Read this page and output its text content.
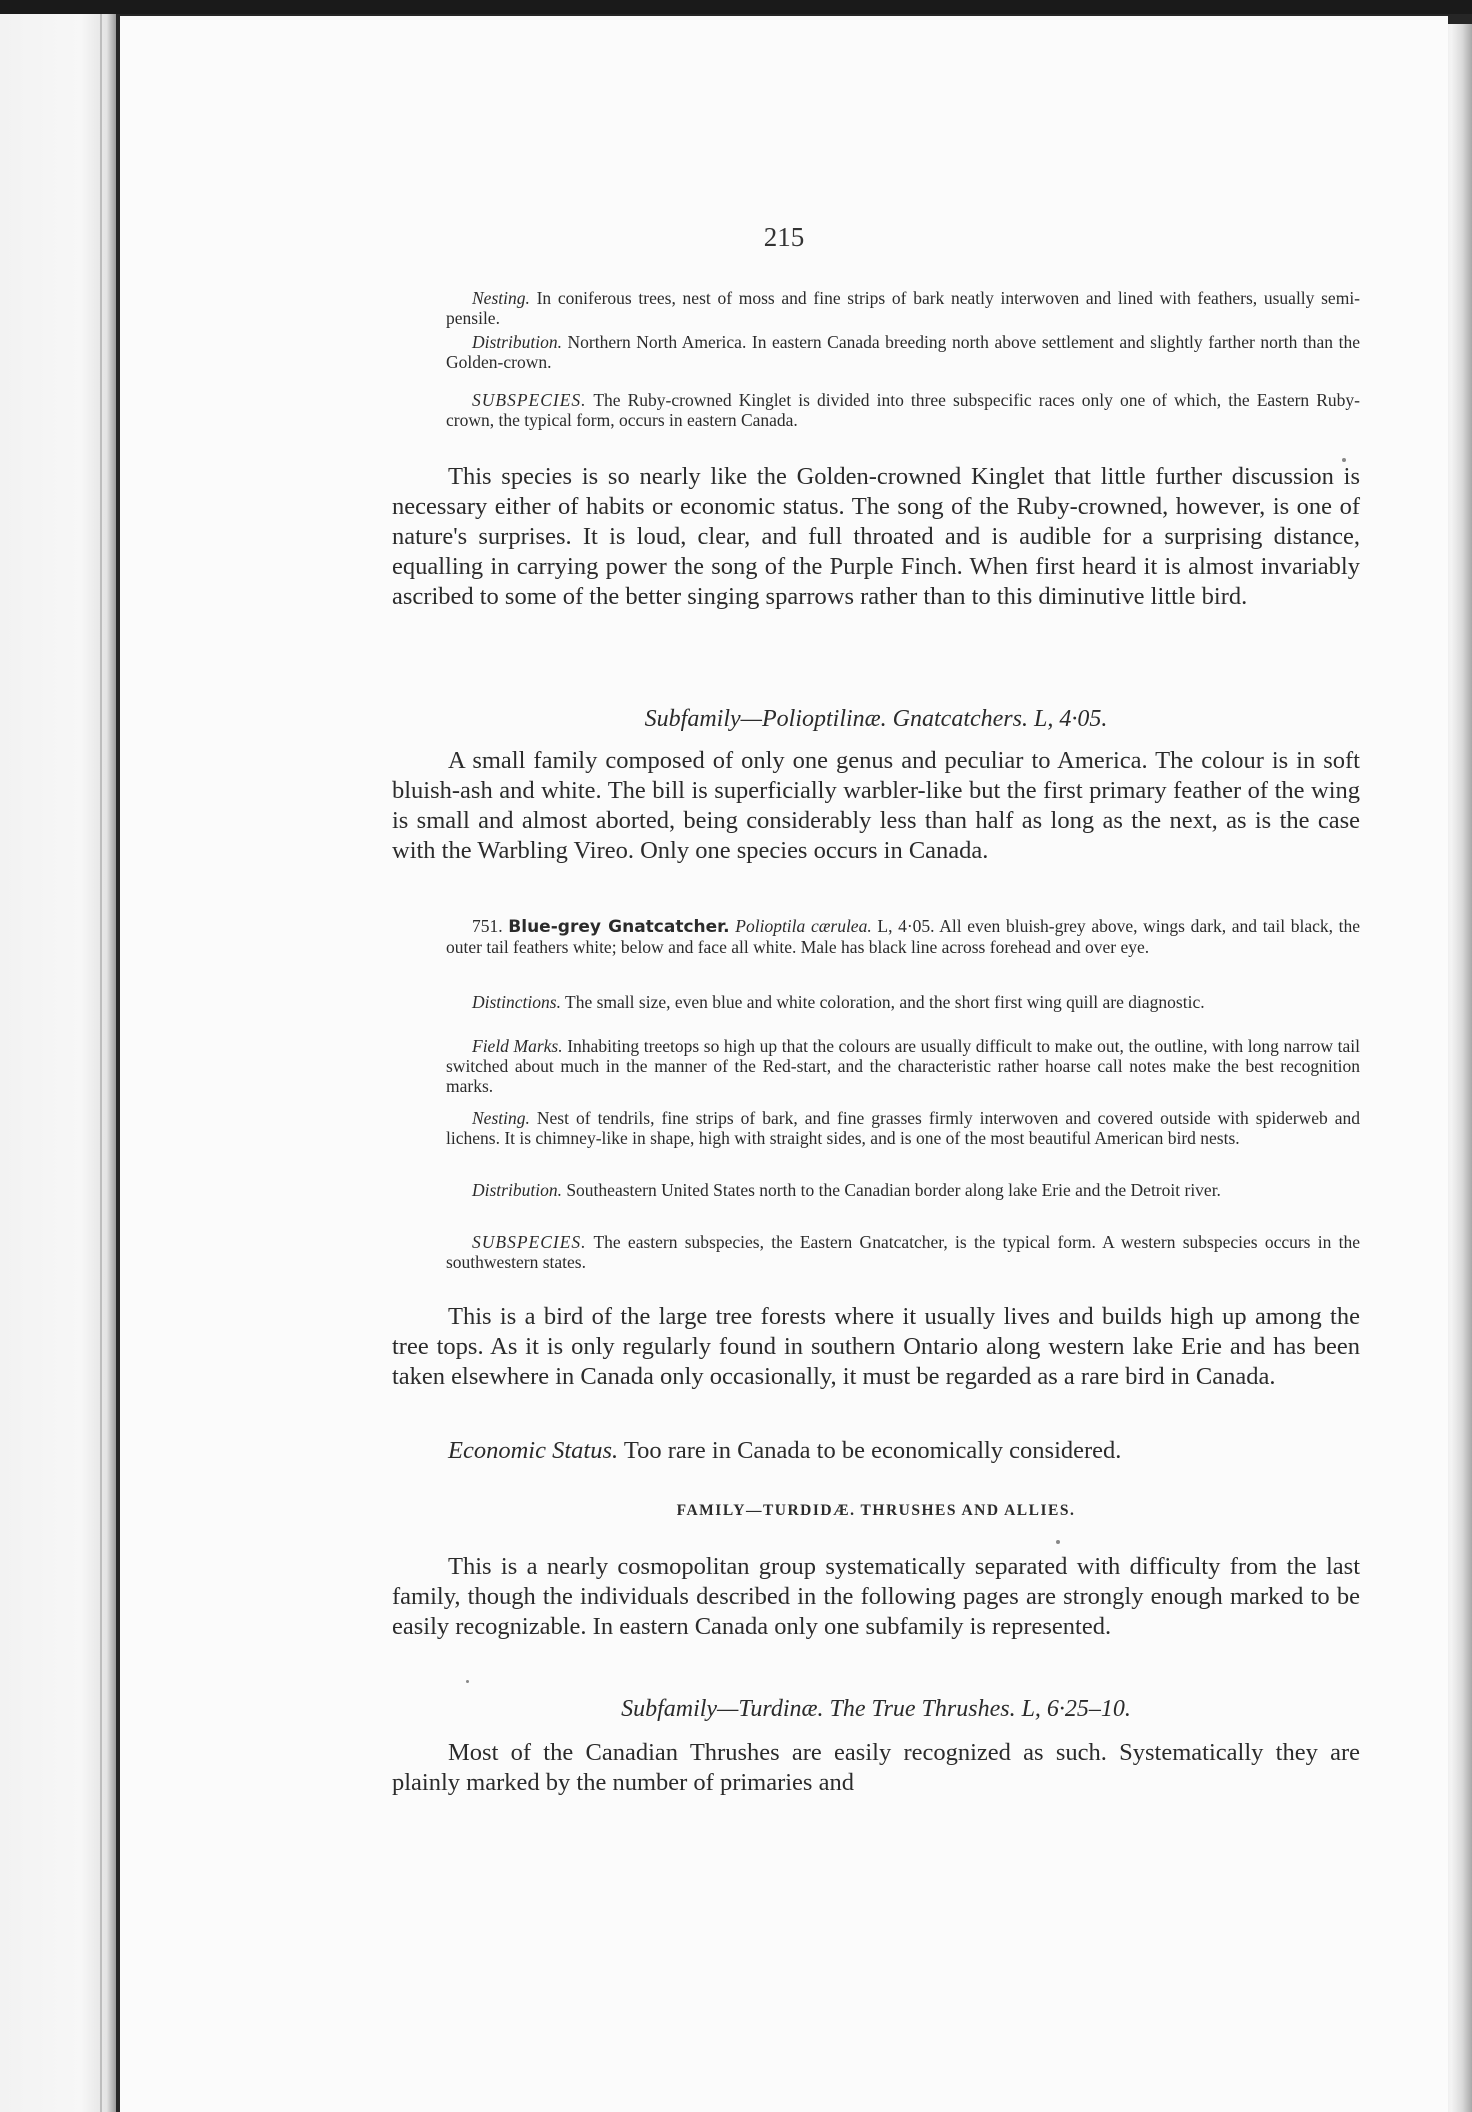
215
Nesting. In coniferous trees, nest of moss and fine strips of bark neatly interwoven and lined with feathers, usually semi-pensile.
Distribution. Northern North America. In eastern Canada breeding north above settlement and slightly farther north than the Golden-crown.
SUBSPECIES. The Ruby-crowned Kinglet is divided into three subspecific races only one of which, the Eastern Ruby-crown, the typical form, occurs in eastern Canada.
This species is so nearly like the Golden-crowned Kinglet that little further discussion is necessary either of habits or economic status. The song of the Ruby-crowned, however, is one of nature's surprises. It is loud, clear, and full throated and is audible for a surprising distance, equalling in carrying power the song of the Purple Finch. When first heard it is almost invariably ascribed to some of the better singing sparrows rather than to this diminutive little bird.
Subfamily—Polioptilinæ. Gnatcatchers. L, 4·05.
A small family composed of only one genus and peculiar to America. The colour is in soft bluish-ash and white. The bill is superficially warbler-like but the first primary feather of the wing is small and almost aborted, being considerably less than half as long as the next, as is the case with the Warbling Vireo. Only one species occurs in Canada.
751. Blue-grey Gnatcatcher. Polioptila cærulea. L, 4·05. All even bluish-grey above, wings dark, and tail black, the outer tail feathers white; below and face all white. Male has black line across forehead and over eye.
Distinctions. The small size, even blue and white coloration, and the short first wing quill are diagnostic.
Field Marks. Inhabiting treetops so high up that the colours are usually difficult to make out, the outline, with long narrow tail switched about much in the manner of the Red-start, and the characteristic rather hoarse call notes make the best recognition marks.
Nesting. Nest of tendrils, fine strips of bark, and fine grasses firmly interwoven and covered outside with spiderweb and lichens. It is chimney-like in shape, high with straight sides, and is one of the most beautiful American bird nests.
Distribution. Southeastern United States north to the Canadian border along lake Erie and the Detroit river.
SUBSPECIES. The eastern subspecies, the Eastern Gnatcatcher, is the typical form. A western subspecies occurs in the southwestern states.
This is a bird of the large tree forests where it usually lives and builds high up among the tree tops. As it is only regularly found in southern Ontario along western lake Erie and has been taken elsewhere in Canada only occasionally, it must be regarded as a rare bird in Canada.
Economic Status. Too rare in Canada to be economically considered.
FAMILY—TURDIDÆ. THRUSHES AND ALLIES.
This is a nearly cosmopolitan group systematically separated with difficulty from the last family, though the individuals described in the following pages are strongly enough marked to be easily recognizable. In eastern Canada only one subfamily is represented.
Subfamily—Turdinæ. The True Thrushes. L, 6·25–10.
Most of the Canadian Thrushes are easily recognized as such. Systematically they are plainly marked by the number of primaries and
